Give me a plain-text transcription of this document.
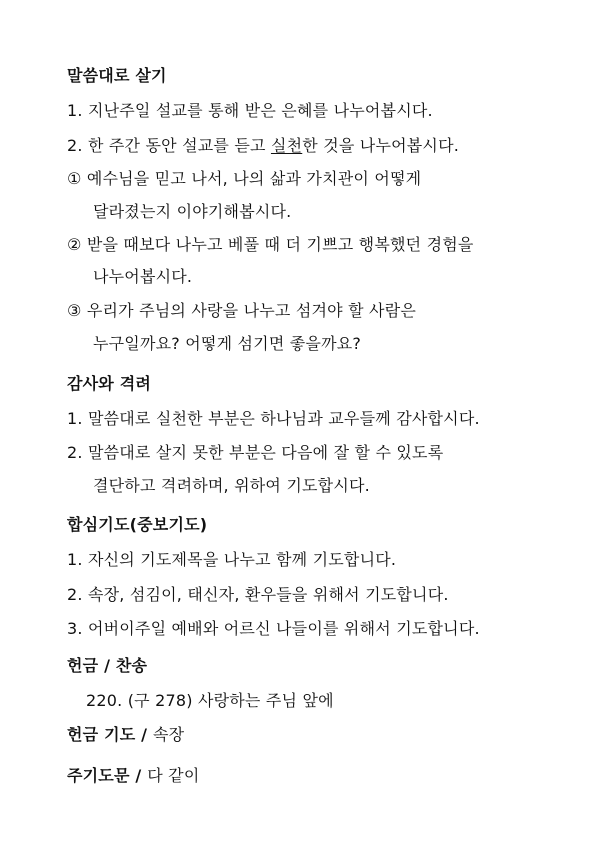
말씀대로 살기
1. 지난주일 설교를 통해 받은 은혜를 나누어봅시다.
2. 한 주간 동안 설교를 듣고 실천한 것을 나누어봅시다.
① 예수님을 믿고 나서, 나의 삶과 가치관이 어떻게
달라졌는지 이야기해봅시다.
② 받을 때보다 나누고 베풀 때 더 기쁘고 행복했던 경험을
나누어봅시다.
③ 우리가 주님의 사랑을 나누고 섬겨야 할 사람은
누구일까요? 어떻게 섬기면 좋을까요?
감사와 격려
1. 말씀대로 실천한 부분은 하나님과 교우들께 감사합시다.
2. 말씀대로 살지 못한 부분은 다음에 잘 할 수 있도록
결단하고 격려하며, 위하여 기도합시다.
합심기도(중보기도)
1. 자신의 기도제목을 나누고 함께 기도합니다.
2. 속장, 섬김이, 태신자, 환우들을 위해서 기도합니다.
3. 어버이주일 예배와 어르신 나들이를 위해서 기도합니다.
헌금 / 찬송
220. (구 278) 사랑하는 주님 앞에
헌금 기도 / 속장
주기도문 / 다 같이
